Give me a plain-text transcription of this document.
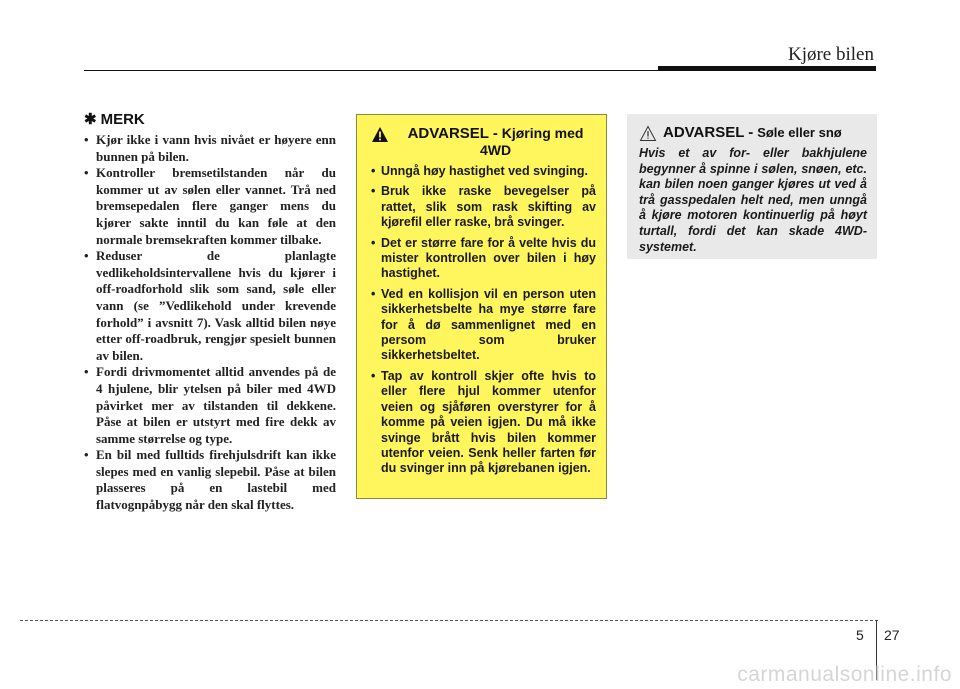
Kjøre bilen
✱ MERK
• Kjør ikke i vann hvis nivået er høyere enn bunnen på bilen.
• Kontroller bremsetilstanden når du kommer ut av sølen eller vannet. Trå ned bremsepedalen flere ganger mens du kjører sakte inntil du kan føle at den normale bremsekraften kommer tilbake.
• Reduser de planlagte vedlikeholdsintervallene hvis du kjører i off-roadforhold slik som sand, søle eller vann (se ”Vedlikehold under krevende forhold” i avsnitt 7). Vask alltid bilen nøye etter off-roadbruk, rengjør spesielt bunnen av bilen.
• Fordi drivmomentet alltid anvendes på de 4 hjulene, blir ytelsen på biler med 4WD påvirket mer av tilstanden til dekkene. Påse at bilen er utstyrt med fire dekk av samme størrelse og type.
• En bil med fulltids firehjulsdrift kan ikke slepes med en vanlig slepebil. Påse at bilen plasseres på en lastebil med flatvognpåbygg når den skal flyttes.
ADVARSEL - Kjøring med 4WD
• Unngå høy hastighet ved svinging.
• Bruk ikke raske bevegelser på rattet, slik som rask skifting av kjørefil eller raske, brå svinger.
• Det er større fare for å velte hvis du mister kontrollen over bilen i høy hastighet.
• Ved en kollisjon vil en person uten sikkerhetsbelte ha mye større fare for å dø sammenlignet med en persom som bruker sikkerhetsbeltet.
• Tap av kontroll skjer ofte hvis to eller flere hjul kommer utenfor veien og sjåføren overstyrer for å komme på veien igjen. Du må ikke svinge brått hvis bilen kommer utenfor veien. Senk heller farten før du svinger inn på kjørebanen igjen.
ADVARSEL - Søle eller snø

Hvis et av for- eller bakhjulene begynner å spinne i sølen, snøen, etc. kan bilen noen ganger kjøres ut ved å trå gasspedalen helt ned, men unngå å kjøre motoren kontinuerlig på høyt turtall, fordi det kan skade 4WD-systemet.

5 27
carmanualsonline.info
